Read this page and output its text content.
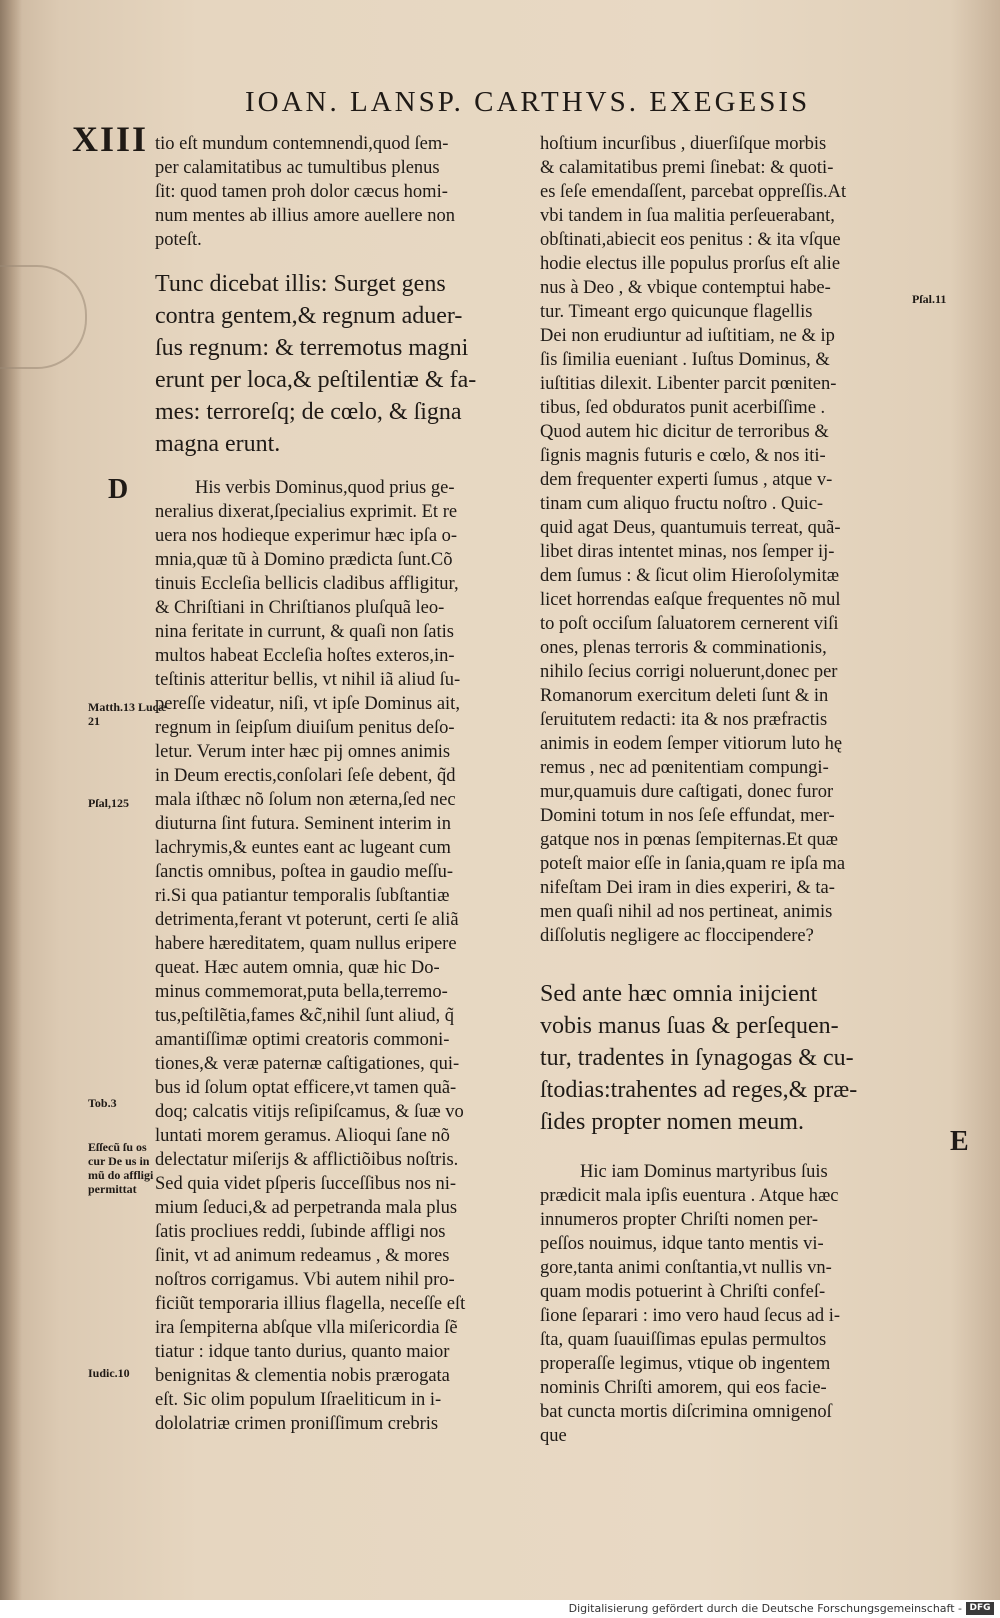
XIII
IOAN. LANSP. CARTHVS. EXEGESIS
D
E
Matth.13 Lucæ 21
Pſal,125
Tob.3
Eſſecũ ſu os cur De us in mũ do affligi permittat
Iudic.10
Pſal.11
tio eſt mundum contemnendi,quod ſem-
per calamitatibus ac tumultibus plenus
ſit: quod tamen proh dolor cæcus homi-
num mentes ab illius amore auellere non
poteſt.
Tunc dicebat illis: Surget gens
contra gentem,& regnum aduer-
ſus regnum: & terremotus magni
erunt per loca,& peſtilentiæ & fa-
mes: terroreſq; de cœlo, & ſigna
magna erunt.
His verbis Dominus,quod prius ge-
neralius dixerat,ſpecialius exprimit. Et re
uera nos hodieque experimur hæc ipſa o-
mnia,quæ tũ à Domino prædicta ſunt.Cõ
tinuis Eccleſia bellicis cladibus affligitur,
& Chriſtiani in Chriſtianos pluſquã leo-
nina feritate in currunt, & quaſi non ſatis
multos habeat Eccleſia hoſtes exteros,in-
teſtinis atteritur bellis, vt nihil iã aliud ſu-
pereſſe videatur, niſi, vt ipſe Dominus ait,
regnum in ſeipſum diuiſum penitus deſo-
letur. Verum inter hæc pij omnes animis
in Deum erectis,conſolari ſeſe debent, q̃d
mala iſthæc nõ ſolum non æterna,ſed nec
diuturna ſint futura. Seminent interim in
lachrymis,& euntes eant ac lugeant cum
ſanctis omnibus, poſtea in gaudio meſſu-
ri.Si qua patiantur temporalis ſubſtantiæ
detrimenta,ferant vt poterunt, certi ſe aliã
habere hæreditatem, quam nullus eripere
queat. Hæc autem omnia, quæ hic Do-
minus commemorat,puta bella,terremo-
tus,peſtilẽtia,fames &c̃,nihil ſunt aliud, q̃
amantiſſimæ optimi creatoris commoni-
tiones,& veræ paternæ caſtigationes, qui-
bus id ſolum optat efficere,vt tamen quã-
doq; calcatis vitijs reſipiſcamus, & ſuæ vo
luntati morem geramus. Alioqui ſane nõ
delectatur miſerijs & afflictiõibus noſtris.
Sed quia videt pſperis ſucceſſibus nos ni-
mium ſeduci,& ad perpetranda mala plus
ſatis procliues reddi, ſubinde affligi nos
ſinit, vt ad animum redeamus , & mores
noſtros corrigamus. Vbi autem nihil pro-
ficiũt temporaria illius flagella, neceſſe eſt
ira ſempiterna abſque vlla miſericordia ſẽ
tiatur : idque tanto durius, quanto maior
benignitas & clementia nobis prærogata
eſt. Sic olim populum Iſraeliticum in i-
dololatriæ crimen proniſſimum crebris
hoſtium incurſibus , diuerſiſque morbis
& calamitatibus premi ſinebat: & quoti-
es ſeſe emendaſſent, parcebat oppreſſis.At
vbi tandem in ſua malitia perſeuerabant,
obſtinati,abiecit eos penitus : & ita vſque
hodie electus ille populus prorſus eſt alie
nus à Deo , & vbique contemptui habe-
tur. Timeant ergo quicunque flagellis
Dei non erudiuntur ad iuſtitiam, ne & ip
ſis ſimilia eueniant . Iuſtus Dominus, &
iuſtitias dilexit. Libenter parcit pœniten-
tibus, ſed obduratos punit acerbiſſime .
Quod autem hic dicitur de terroribus &
ſignis magnis futuris e cœlo, & nos iti-
dem frequenter experti ſumus , atque v-
tinam cum aliquo fructu noſtro . Quic-
quid agat Deus, quantumuis terreat, quã-
libet diras intentet minas, nos ſemper ij-
dem ſumus : & ſicut olim Hieroſolymitæ
licet horrendas eaſque frequentes nõ mul
to poſt occiſum ſaluatorem cernerent viſi
ones, plenas terroris & comminationis,
nihilo ſecius corrigi noluerunt,donec per
Romanorum exercitum deleti ſunt & in
ſeruitutem redacti: ita & nos præfractis
animis in eodem ſemper vitiorum luto hę
remus , nec ad pœnitentiam compungi-
mur,quamuis dure caſtigati, donec furor
Domini totum in nos ſeſe effundat, mer-
gatque nos in pœnas ſempiternas.Et quæ
poteſt maior eſſe in ſania,quam re ipſa ma
nifeſtam Dei iram in dies experiri, & ta-
men quaſi nihil ad nos pertineat, animis
diſſolutis negligere ac floccipendere?
Sed ante hæc omnia inijcient
vobis manus ſuas & perſequen-
tur, tradentes in ſynagogas & cu-
ſtodias:trahentes ad reges,& præ-
ſides propter nomen meum.
Hic iam Dominus martyribus ſuis
prædicit mala ipſis euentura . Atque hæc
innumeros propter Chriſti nomen per-
peſſos nouimus, idque tanto mentis vi-
gore,tanta animi conſtantia,vt nullis vn-
quam modis potuerint à Chriſti confeſ-
ſione ſeparari : imo vero haud ſecus ad i-
ſta, quam ſuauiſſimas epulas permultos
properaſſe legimus, vtique ob ingentem
nominis Chriſti amorem, qui eos facie-
bat cuncta mortis diſcrimina omnigenoſ
que
Digitalisierung gefördert durch die Deutsche Forschungsgemeinschaft - DFG
